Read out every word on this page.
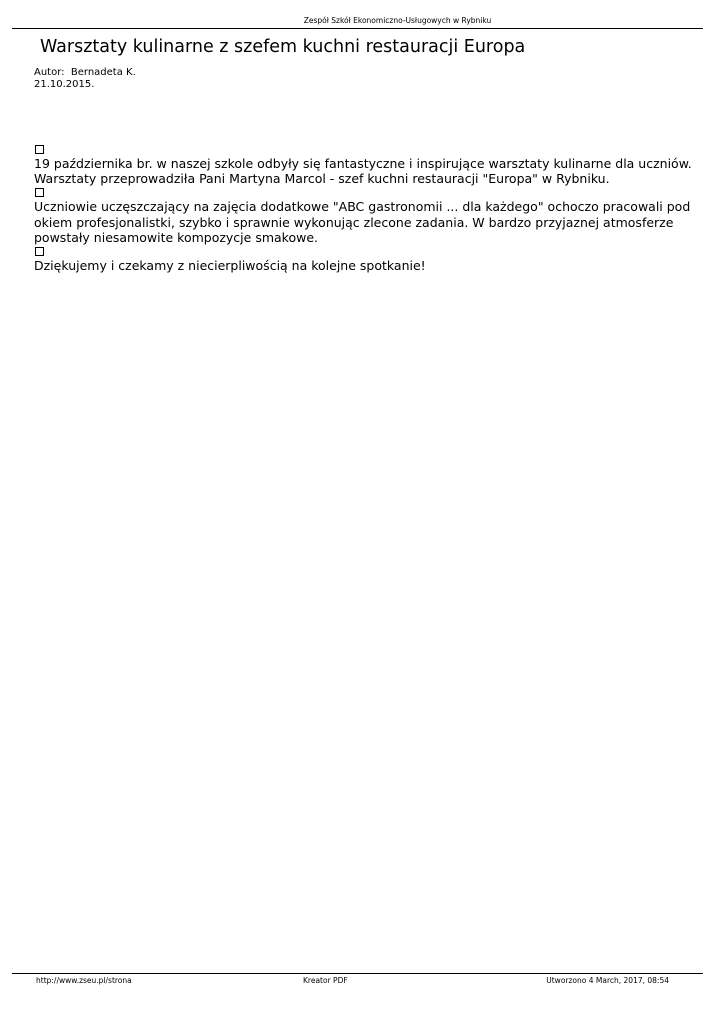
Zespół Szkół Ekonomiczno-Usługowych w Rybniku
Warsztaty kulinarne z szefem kuchni restauracji Europa
Autor: Bernadeta K.
21.10.2015.

19 października br. w naszej szkole odbyły się fantastyczne i inspirujące warsztaty kulinarne dla uczniów. Warsztaty przeprowadziła Pani Martyna Marcol - szef kuchni restauracji "Europa" w Rybniku.

Uczniowie uczęszczający na zajęcia dodatkowe "ABC gastronomii ... dla każdego" ochoczo pracowali pod okiem profesjonalistki, szybko i sprawnie wykonując zlecone zadania. W bardzo przyjaznej atmosferze powstały niesamowite kompozycje smakowe.

Dziękujemy i czekamy z niecierpliwością na kolejne spotkanie!

http://www.zseu.pl/strona	Kreator PDF	Utworzono 4 March, 2017, 08:54
